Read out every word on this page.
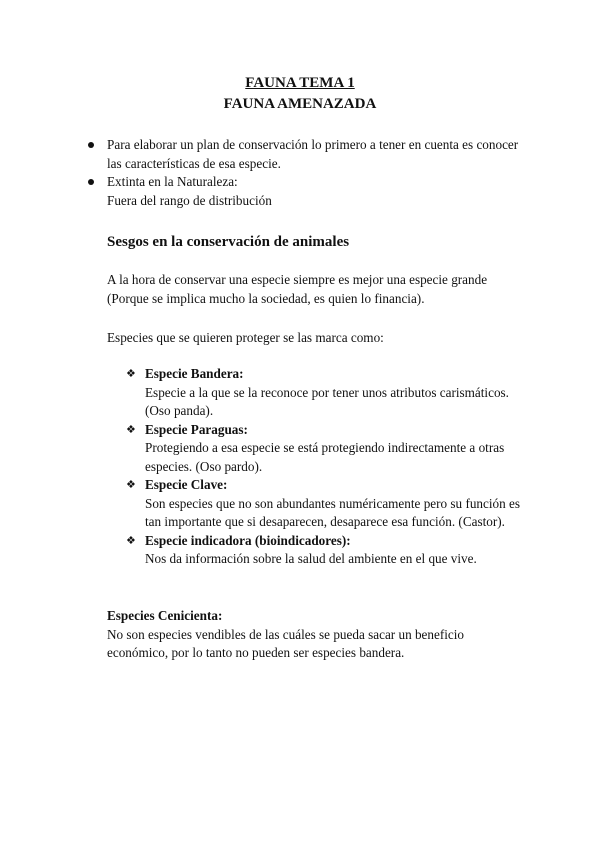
FAUNA TEMA 1
FAUNA AMENAZADA
Para elaborar un plan de conservación lo primero a tener en cuenta es conocer las características de esa especie.
Extinta en la Naturaleza:
Fuera del rango de distribución
Sesgos en la conservación de animales
A la hora de conservar una especie siempre es mejor una especie grande (Porque se implica mucho la sociedad, es quien lo financia).
Especies que se quieren proteger se las marca como:
❖ Especie Bandera:
Especie a la que se la reconoce por tener unos atributos carismáticos. (Oso panda).
❖ Especie Paraguas:
Protegiendo a esa especie se está protegiendo indirectamente a otras especies. (Oso pardo).
❖ Especie Clave:
Son especies que no son abundantes numéricamente pero su función es tan importante que si desaparecen, desaparece esa función. (Castor).
❖ Especie indicadora (bioindicadores):
Nos da información sobre la salud del ambiente en el que vive.
Especies Cenicienta:
No son especies vendibles de las cuáles se pueda sacar un beneficio económico, por lo tanto no pueden ser especies bandera.
